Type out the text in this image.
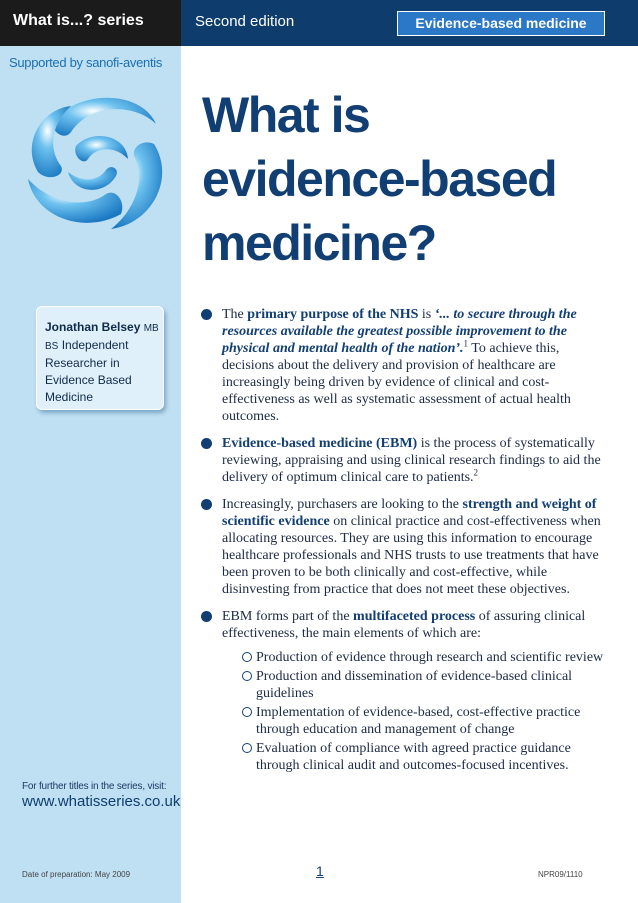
What is...? series	Second edition	Evidence-based medicine
Supported by sanofi-aventis
Jonathan Belsey MB BS Independent Researcher in Evidence Based Medicine
For further titles in the series, visit:
www.whatisseries.co.uk
What is
evidence-based
medicine?
The primary purpose of the NHS is ‘... to secure through the resources available the greatest possible improvement to the physical and mental health of the nation’.$^1$ To achieve this, decisions about the delivery and provision of healthcare are increasingly being driven by evidence of clinical and cost-effectiveness as well as systematic assessment of actual health outcomes.
Evidence-based medicine (EBM) is the process of systematically reviewing, appraising and using clinical research findings to aid the delivery of optimum clinical care to patients.$^2$
Increasingly, purchasers are looking to the strength and weight of scientific evidence on clinical practice and cost-effectiveness when allocating resources. They are using this information to encourage healthcare professionals and NHS trusts to use treatments that have been proven to be both clinically and cost-effective, while disinvesting from practice that does not meet these objectives.
EBM forms part of the multifaceted process of assuring clinical effectiveness, the main elements of which are:
Production of evidence through research and scientific review
Production and dissemination of evidence-based clinical guidelines
Implementation of evidence-based, cost-effective practice through education and management of change
Evaluation of compliance with agreed practice guidance through clinical audit and outcomes-focused incentives.
Date of preparation: May 2009	1	NPR09/1110
